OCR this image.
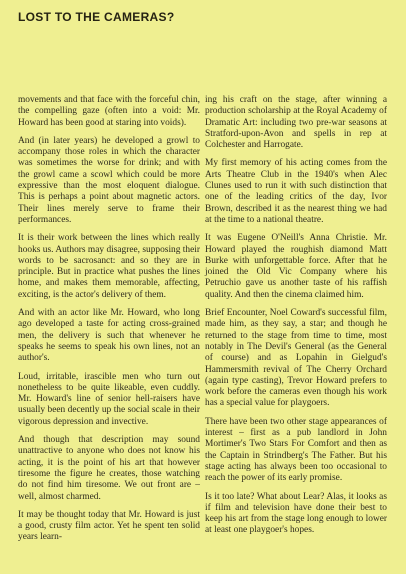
LOST TO THE CAMERAS?

movements and that face with the forceful chin, the compelling gaze (often into a void: Mr. Howard has been good at staring into voids).

And (in later years) he developed a growl to accompany those roles in which the character was sometimes the worse for drink; and with the growl came a scowl which could be more expressive than the most eloquent dialogue. This is perhaps a point about magnetic actors. Their lines merely serve to frame their performances.

It is their work between the lines which really hooks us. Authors may disagree, supposing their words to be sacrosanct: and so they are in principle. But in practice what pushes the lines home, and makes them memorable, affecting, exciting, is the actor's delivery of them.

And with an actor like Mr. Howard, who long ago developed a taste for acting cross-grained men, the delivery is such that whenever he speaks he seems to speak his own lines, not an author's.

Loud, irritable, irascible men who turn out nonetheless to be quite likeable, even cuddly. Mr. Howard's line of senior hell-raisers have usually been decently up the social scale in their vigorous depression and invective.

And though that description may sound unattractive to anyone who does not know his acting, it is the point of his art that however tiresome the figure he creates, those watching do not find him tiresome. We out front are – well, almost charmed.

It may be thought today that Mr. Howard is just a good, crusty film actor. Yet he spent ten solid years learn-

ing his craft on the stage, after winning a production scholarship at the Royal Academy of Dramatic Art: including two pre-war seasons at Stratford-upon-Avon and spells in rep at Colchester and Harrogate.

My first memory of his acting comes from the Arts Theatre Club in the 1940's when Alec Clunes used to run it with such distinction that one of the leading critics of the day, Ivor Brown, described it as the nearest thing we had at the time to a national theatre.

It was Eugene O'Neill's Anna Christie. Mr. Howard played the roughish diamond Matt Burke with unforgettable force. After that he joined the Old Vic Company where his Petruchio gave us another taste of his raffish quality. And then the cinema claimed him.

Brief Encounter, Noel Coward's successful film, made him, as they say, a star; and though he returned to the stage from time to time, most notably in The Devil's General (as the General of course) and as Lopahin in Gielgud's Hammersmith revival of The Cherry Orchard (again type casting), Trevor Howard prefers to work before the cameras even though his work has a special value for playgoers.

There have been two other stage appearances of interest – first as a pub landlord in John Mortimer's Two Stars For Comfort and then as the Captain in Strindberg's The Father. But his stage acting has always been too occasional to reach the power of its early promise.

Is it too late? What about Lear? Alas, it looks as if film and television have done their best to keep his art from the stage long enough to lower at least one playgoer's hopes.
